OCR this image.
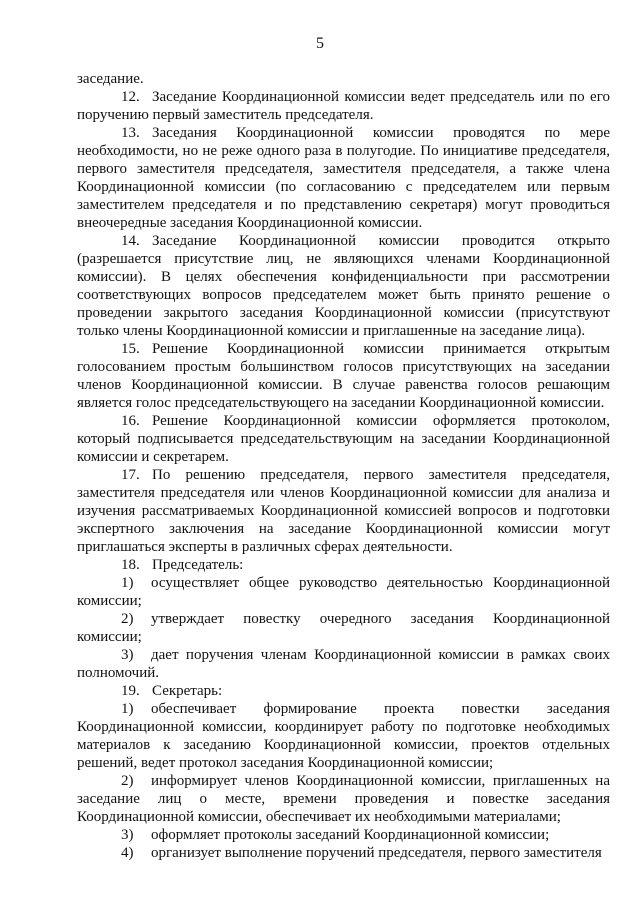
5

заседание.

12. Заседание Координационной комиссии ведет председатель или по его поручению первый заместитель председателя.

13. Заседания Координационной комиссии проводятся по мере необходимости, но не реже одного раза в полугодие. По инициативе председателя, первого заместителя председателя, заместителя председателя, а также члена Координационной комиссии (по согласованию с председателем или первым заместителем председателя и по представлению секретаря) могут проводиться внеочередные заседания Координационной комиссии.

14. Заседание Координационной комиссии проводится открыто (разрешается присутствие лиц, не являющихся членами Координационной комиссии). В целях обеспечения конфиденциальности при рассмотрении соответствующих вопросов председателем может быть принято решение о проведении закрытого заседания Координационной комиссии (присутствуют только члены Координационной комиссии и приглашенные на заседание лица).

15. Решение Координационной комиссии принимается открытым голосованием простым большинством голосов присутствующих на заседании членов Координационной комиссии. В случае равенства голосов решающим является голос председательствующего на заседании Координационной комиссии.

16. Решение Координационной комиссии оформляется протоколом, который подписывается председательствующим на заседании Координационной комиссии и секретарем.

17. По решению председателя, первого заместителя председателя, заместителя председателя или членов Координационной комиссии для анализа и изучения рассматриваемых Координационной комиссией вопросов и подготовки экспертного заключения на заседание Координационной комиссии могут приглашаться эксперты в различных сферах деятельности.

18. Председатель:

1) осуществляет общее руководство деятельностью Координационной комиссии;

2) утверждает повестку очередного заседания Координационной комиссии;

3) дает поручения членам Координационной комиссии в рамках своих полномочий.

19. Секретарь:

1) обеспечивает формирование проекта повестки заседания Координационной комиссии, координирует работу по подготовке необходимых материалов к заседанию Координационной комиссии, проектов отдельных решений, ведет протокол заседания Координационной комиссии;

2) информирует членов Координационной комиссии, приглашенных на заседание лиц о месте, времени проведения и повестке заседания Координационной комиссии, обеспечивает их необходимыми материалами;

3) оформляет протоколы заседаний Координационной комиссии;

4) организует выполнение поручений председателя, первого заместителя
